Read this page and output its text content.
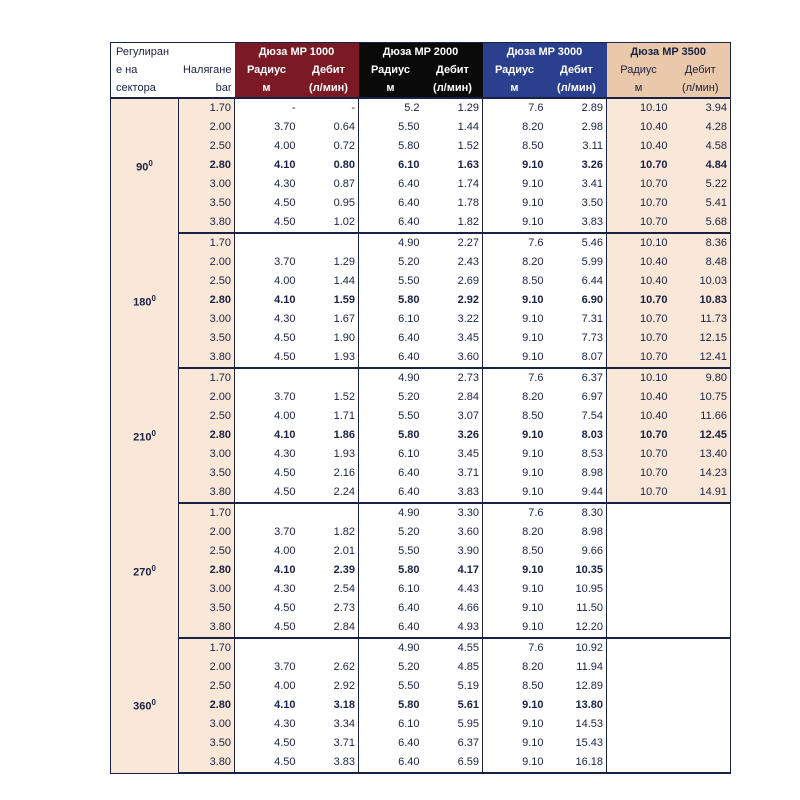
Регулиран		Дюза MP 1000		Дюза MP 2000		Дюза MP 3000		Дюза MP 3500	
е на	Налягане	Радиус	Дебит	Радиус	Дебит	Радиус	Дебит	Радиус	Дебит
сектора	bar	м	(л/мин)	м	(л/мин)	м	(л/мин)	м	(л/мин)
$90^0$	1.70	-	-	5.2	1.29	7.6	2.89	10.10	3.94
	2.00	3.70	0.64	5.50	1.44	8.20	2.98	10.40	4.28
	2.50	4.00	0.72	5.80	1.52	8.50	3.11	10.40	4.58
	2.80	4.10	0.80	6.10	1.63	9.10	3.26	10.70	4.84
	3.00	4.30	0.87	6.40	1.74	9.10	3.41	10.70	5.22
	3.50	4.50	0.95	6.40	1.78	9.10	3.50	10.70	5.41
	3.80	4.50	1.02	6.40	1.82	9.10	3.83	10.70	5.68
$180^0$	1.70			4.90	2.27	7.6	5.46	10.10	8.36
	2.00	3.70	1.29	5.20	2.43	8.20	5.99	10.40	8.48
	2.50	4.00	1.44	5.50	2.69	8.50	6.44	10.40	10.03
	2.80	4.10	1.59	5.80	2.92	9.10	6.90	10.70	10.83
	3.00	4.30	1.67	6.10	3.22	9.10	7.31	10.70	11.73
	3.50	4.50	1.90	6.40	3.45	9.10	7.73	10.70	12.15
	3.80	4.50	1.93	6.40	3.60	9.10	8.07	10.70	12.41
$210^0$	1.70			4.90	2.73	7.6	6.37	10.10	9.80
	2.00	3.70	1.52	5.20	2.84	8.20	6.97	10.40	10.75
	2.50	4.00	1.71	5.50	3.07	8.50	7.54	10.40	11.66
	2.80	4.10	1.86	5.80	3.26	9.10	8.03	10.70	12.45
	3.00	4.30	1.93	6.10	3.45	9.10	8.53	10.70	13.40
	3.50	4.50	2.16	6.40	3.71	9.10	8.98	10.70	14.23
	3.80	4.50	2.24	6.40	3.83	9.10	9.44	10.70	14.91
$270^0$	1.70			4.90	3.30	7.6	8.30		
	2.00	3.70	1.82	5.20	3.60	8.20	8.98		
	2.50	4.00	2.01	5.50	3.90	8.50	9.66		
	2.80	4.10	2.39	5.80	4.17	9.10	10.35		
	3.00	4.30	2.54	6.10	4.43	9.10	10.95		
	3.50	4.50	2.73	6.40	4.66	9.10	11.50		
	3.80	4.50	2.84	6.40	4.93	9.10	12.20		
$360^0$	1.70			4.90	4.55	7.6	10.92		
	2.00	3.70	2.62	5.20	4.85	8.20	11.94		
	2.50	4.00	2.92	5.50	5.19	8.50	12.89		
	2.80	4.10	3.18	5.80	5.61	9.10	13.80		
	3.00	4.30	3.34	6.10	5.95	9.10	14.53		
	3.50	4.50	3.71	6.40	6.37	9.10	15.43		
	3.80	4.50	3.83	6.40	6.59	9.10	16.18		
